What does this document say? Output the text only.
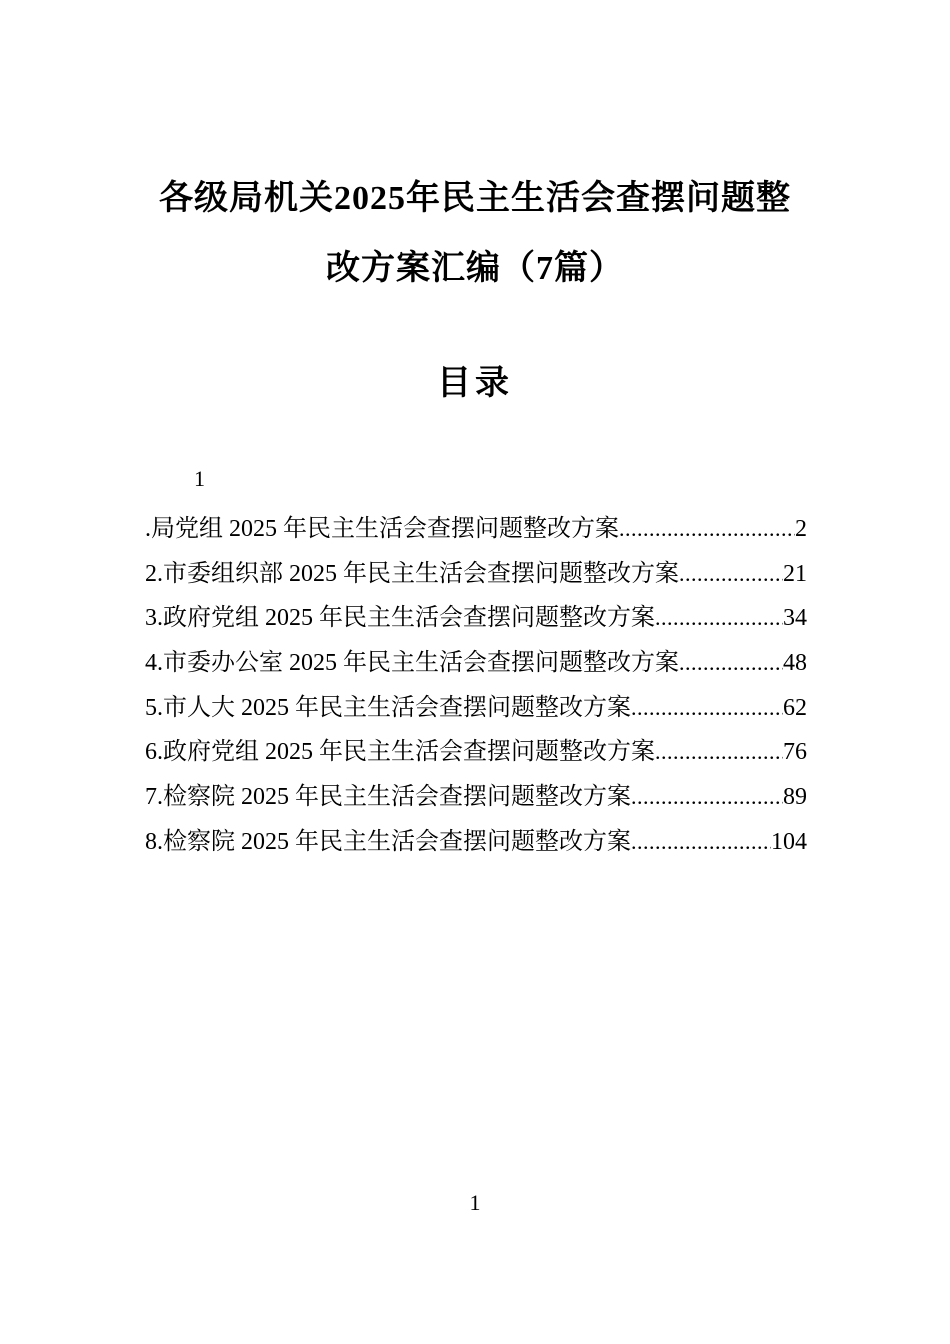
各级局机关2025年民主生活会查摆问题整
改方案汇编（7篇）
目录
1
.局党组 2025 年民主生活会查摆问题整改方案 .....	2
2.市委组织部 2025 年民主生活会查摆问题整改方案 .....	21
3.政府党组 2025 年民主生活会查摆问题整改方案 .....	34
4.市委办公室 2025 年民主生活会查摆问题整改方案 .....	48
5.市人大 2025 年民主生活会查摆问题整改方案 .....	62
6.政府党组 2025 年民主生活会查摆问题整改方案 .....	76
7.检察院 2025 年民主生活会查摆问题整改方案 .....	89
8.检察院 2025 年民主生活会查摆问题整改方案 .....	104
1
